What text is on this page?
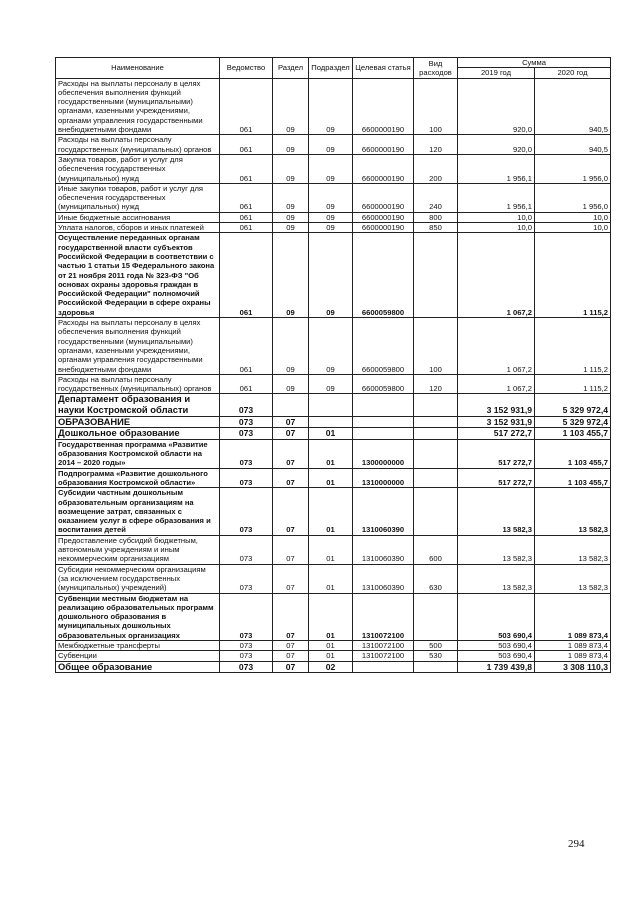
Наименование	Ведомство	Раздел	Подраздел	Целевая статья	Вид расходов	Сумма	
						2019 год	2020 год
Расходы на выплаты персоналу в целях обеспечения выполнения функций государственными (муниципальными) органами, казенными учреждениями, органами управления государственными внебюджетными фондами	061	09	09	6600000190	100	920,0	940,5
Расходы на выплаты персоналу государственных (муниципальных) органов	061	09	09	6600000190	120	920,0	940,5
Закупка товаров, работ и услуг для обеспечения государственных (муниципальных) нужд	061	09	09	6600000190	200	1 956,1	1 956,0
Иные закупки товаров, работ и услуг для обеспечения государственных (муниципальных) нужд	061	09	09	6600000190	240	1 956,1	1 956,0
Иные бюджетные ассигнования	061	09	09	6600000190	800	10,0	10,0
Уплата налогов, сборов и иных платежей	061	09	09	6600000190	850	10,0	10,0
Осуществление переданных органам государственной власти субъектов Российской Федерации в соответствии с частью 1 статьи 15 Федерального закона от 21 ноября 2011 года № 323-ФЗ "Об основах охраны здоровья граждан в Российской Федерации" полномочий Российской Федерации в сфере охраны здоровья	061	09	09	6600059800		1 067,2	1 115,2
Расходы на выплаты персоналу в целях обеспечения выполнения функций государственными (муниципальными) органами, казенными учреждениями, органами управления государственными внебюджетными фондами	061	09	09	6600059800	100	1 067,2	1 115,2
Расходы на выплаты персоналу государственных (муниципальных) органов	061	09	09	6600059800	120	1 067,2	1 115,2
Департамент образования и науки Костромской области	073					3 152 931,9	5 329 972,4
ОБРАЗОВАНИЕ	073	07				3 152 931,9	5 329 972,4
Дошкольное образование	073	07	01			517 272,7	1 103 455,7
Государственная программа «Развитие образования Костромской области на 2014 – 2020 годы»	073	07	01	1300000000		517 272,7	1 103 455,7
Подпрограмма «Развитие дошкольного образования Костромской области»	073	07	01	1310000000		517 272,7	1 103 455,7
Субсидии частным дошкольным образовательным организациям на возмещение затрат, связанных с оказанием услуг в сфере образования и воспитания детей	073	07	01	1310060390		13 582,3	13 582,3
Предоставление субсидий бюджетным, автономным учреждениям и иным некоммерческим организациям	073	07	01	1310060390	600	13 582,3	13 582,3
Субсидии некоммерческим организациям (за исключением государственных (муниципальных) учреждений)	073	07	01	1310060390	630	13 582,3	13 582,3
Субвенции местным бюджетам на реализацию образовательных программ дошкольного образования в муниципальных дошкольных образовательных организациях	073	07	01	1310072100		503 690,4	1 089 873,4
Межбюджетные трансферты	073	07	01	1310072100	500	503 690,4	1 089 873,4
Субвенции	073	07	01	1310072100	530	503 690,4	1 089 873,4
Общее образование	073	07	02			1 739 439,8	3 308 110,3
294
